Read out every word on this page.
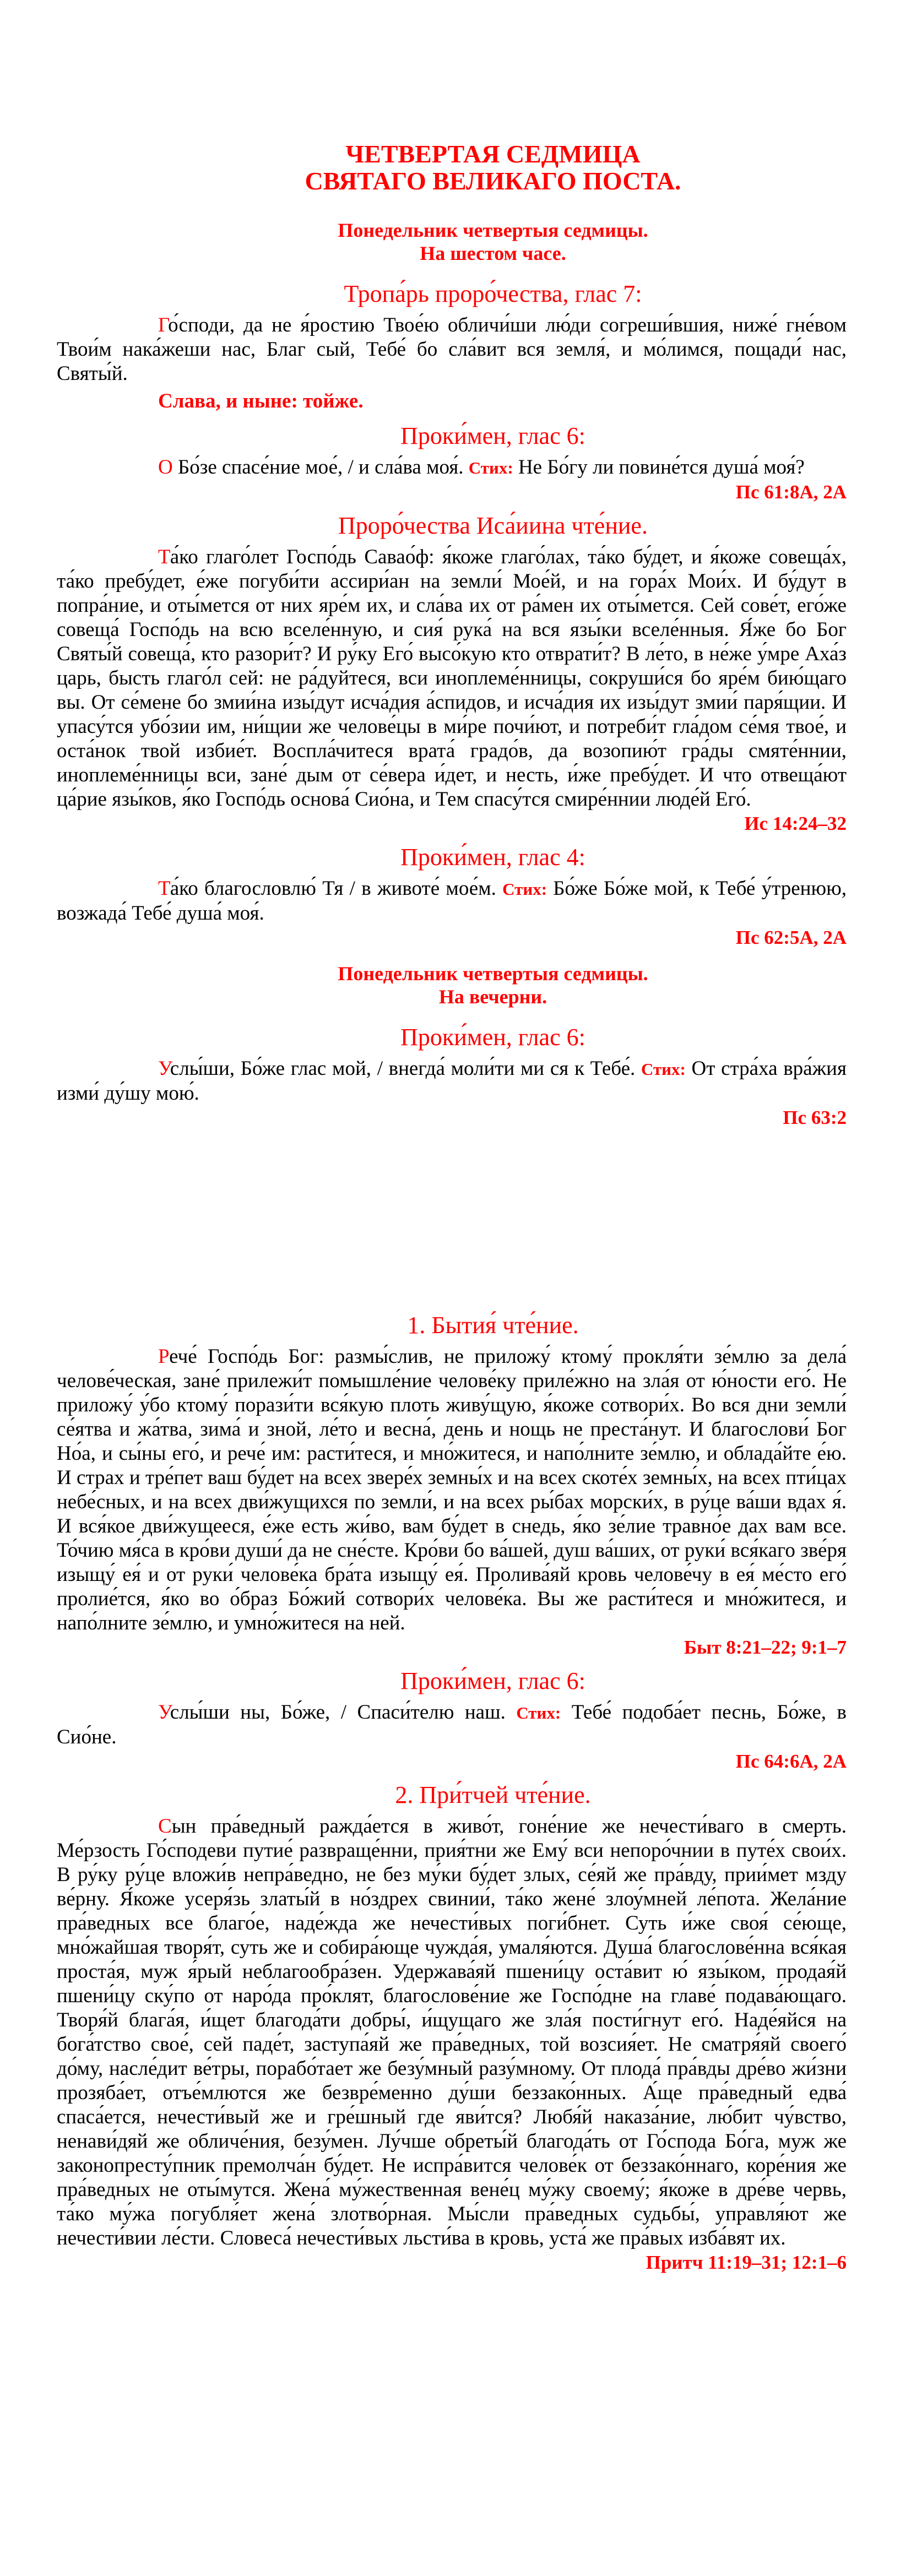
ЧЕТВЕРТАЯ СЕДМИЦА
СВЯТАГО ВЕЛИКАГО ПОСТА.
Понедельник четвертыя седмицы.
На шестом часе.
Тропа́рь проро́чества, глас 7:

Го́споди, да не я́ростию Твое́ю обличи́ши лю́ди согреши́вшия, ниже́ гне́вом Твои́м нака́жеши нас, Благ сый, Тебе́ бо сла́вит вся земля́, и мо́лимся, пощади́ нас, Святы́й.

Слава, и ныне: тойже.

Проки́мен, глас 6:

О Бо́зе спасе́ние мое́, / и сла́ва моя́. Стих: Не Бо́гу ли повине́тся душа́ моя́?

Пс 61:8А, 2А
Проро́чества Иса́иина чте́ние.

Та́ко глаго́лет Госпо́дь Савао́ф: я́коже глаго́лах, та́ко бу́дет, и я́коже совеща́х, та́ко пребу́дет, е́же погуби́ти ассири́ан на земли́ Мое́й, и на гора́х Мои́х. И бу́дут в попра́ние, и оты́мется от них яре́м их, и сла́ва их от ра́мен их оты́мется. Сей сове́т, его́же совеща́ Госпо́дь на всю вселе́нную, и сия́ рука́ на вся язы́ки вселе́нныя. Я́же бо Бог Святы́й совеща́, кто разори́т? И ру́ку Его́ высо́кую кто отврати́т? В ле́то, в не́же у́мре Аха́з царь, бысть глаго́л сей: не ра́дуйтеся, вси иноплеме́нницы, сокруши́ся бо яре́м бию́щаго вы. От се́мене бо змии́на изы́дут исча́дия а́спидов, и исча́дия их изы́дут змии́ паря́щии. И упасу́тся убо́зии им, ни́щии же челове́цы в ми́ре почи́ют, и потреби́т гла́дом се́мя твое́, и оста́нок твой избие́т. Воспла́читеся врата́ градо́в, да возопию́т гра́ды смяте́ннии, иноплеме́нницы вси, зане́ дым от се́вера и́дет, и несть, и́же пребу́дет. И что отвеща́ют ца́рие язы́ков, я́ко Госпо́дь основа́ Сио́на, и Тем спасу́тся смире́ннии люде́й Его́.

Ис 14:24–32
Проки́мен, глас 4:

Та́ко благословлю́ Тя / в животе́ мое́м. Стих: Бо́же Бо́же мой, к Тебе́ у́тренюю, возжада́ Тебе́ душа́ моя́.

Пс 62:5А, 2А
Понедельник четвертыя седмицы.
На вечерни.
Проки́мен, глас 6:

Услы́ши, Бо́же глас мой, / внегда́ моли́ти ми ся к Тебе́. Стих: От стра́ха вра́жия изми́ ду́шу мою́.

Пс 63:2
1. Бытия́ чте́ние.

Рече́ Госпо́дь Бог: размы́слив, не приложу́ ктому́ прокля́ти зе́млю за дела́ челове́ческая, зане́ прилежи́т помышле́ние челове́ку приле́жно на зла́я от ю́ности его́. Не приложу́ у́бо ктому́ порази́ти вся́кую плоть живу́щую, я́коже сотвори́х. Во вся дни земли́ се́ятва и жа́тва, зима́ и зной, ле́то и весна́, день и нощь не преста́нут. И благослови́ Бог Но́а, и сы́ны его́, и рече́ им: расти́теся, и мно́житеся, и напо́лните зе́млю, и облада́йте е́ю. И страх и тре́пет ваш бу́дет на всех звере́х земны́х и на всех скоте́х земны́х, на всех пти́цах небе́сных, и на всех дви́жущихся по земли́, и на всех ры́бах морски́х, в ру́це ва́ши вдах я́. И вся́кое дви́жущееся, е́же есть жи́во, вам бу́дет в снедь, я́ко зе́лие травно́е дах вам все. То́чию мя́са в кро́ви души́ да не сне́сте. Кро́ви бо ва́шей, душ ва́ших, от руки́ вся́каго зве́ря изыщу́ ея́ и от руки́ челове́ка бра́та изыщу́ ея́. Пролива́яй кровь челове́чу в ея́ ме́сто его́ пролие́тся, я́ко во о́браз Бо́жий сотвори́х челове́ка. Вы же расти́теся и мно́житеся, и напо́лните зе́млю, и умно́житеся на ней.

Быт 8:21–22; 9:1–7
Проки́мен, глас 6:

Услы́ши ны, Бо́же, / Спаси́телю наш. Стих: Тебе́ подоба́ет песнь, Бо́же, в Сио́не.

Пс 64:6А, 2А
2. При́тчей чте́ние.

Сын пра́ведный ражда́ется в живо́т, гоне́ние же нечести́ваго в смерть. Ме́рзость Го́сподеви путие́ развраще́нни, прия́тни же Ему́ вси непоро́чнии в путе́х свои́х. В ру́ку ру́це вложи́в непра́ведно, не без му́ки бу́дет злых, се́яй же пра́вду, прии́мет мзду ве́рну. Я́коже усеря́зь златы́й в но́здрех свинии́, та́ко жене́ злоу́мней ле́пота. Жела́ние пра́ведных все благо́е, наде́жда же нечести́вых поги́бнет. Суть и́же своя́ се́юще, мно́жайшая творя́т, суть же и собира́юще чужда́я, умаля́ются. Душа́ благослове́нна вся́кая проста́я, муж я́рый неблагообра́зен. Удержава́яй пшени́цу оста́вит ю́ язы́ком, продая́й пшени́цу ску́по от наро́да про́клят, благослове́ние же Госпо́дне на главе́ подава́ющаго. Творя́й блага́я, и́щет благода́ти добры́, и́щущаго же зла́я пости́гнут его́. Наде́яйся на бога́тство свое́, сей паде́т, заступа́яй же пра́ведных, той возсия́ет. Не сматря́яй своего́ до́му, насле́дит ве́тры, порабо́тает же безу́мный разу́мному. От плода́ пра́вды дре́во жи́зни прозяба́ет, отъе́млются же безвре́менно ду́ши беззако́нных. А́ще пра́ведный едва́ спаса́ется, нечести́вый же и гре́шный где яви́тся? Любя́й наказа́ние, лю́бит чу́вство, ненави́дяй же обличе́ния, безу́мен. Лу́чше обреты́й благода́ть от Го́спода Бо́га, муж же законопресту́пник премолча́н бу́дет. Не испра́вится челове́к от беззако́ннаго, коре́ния же пра́ведных не оты́мутся. Жена́ му́жественная вене́ц му́жу своему́; я́коже в дре́ве червь, та́ко му́жа погубля́ет жена́ злотво́рная. Мы́сли пра́ведных судьбы́, управля́ют же нечести́вии ле́сти. Словеса́ нечести́вых льсти́ва в кровь, уста́ же пра́вых изба́вят их.

Притч 11:19–31; 12:1–6
